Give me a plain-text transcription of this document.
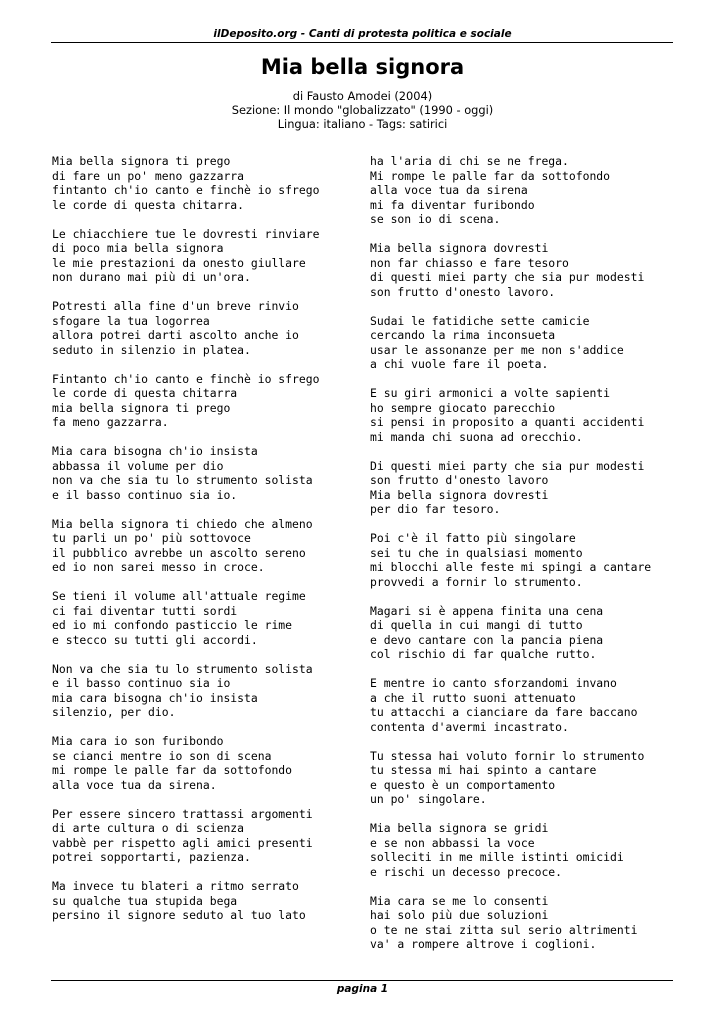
ilDeposito.org - Canti di protesta politica e sociale
Mia bella signora
di Fausto Amodei (2004)
Sezione: Il mondo "globalizzato" (1990 - oggi)
Lingua: italiano - Tags: satirici
Mia bella signora ti prego
di fare un po' meno gazzarra
fintanto ch'io canto e finchè io sfrego
le corde di questa chitarra.
Le chiacchiere tue le dovresti rinviare
di poco mia bella signora
le mie prestazioni da onesto giullare
non durano mai più di un'ora.
Potresti alla fine d'un breve rinvio
sfogare la tua logorrea
allora potrei darti ascolto anche io
seduto in silenzio in platea.
Fintanto ch'io canto e finchè io sfrego
le corde di questa chitarra
mia bella signora ti prego
fa meno gazzarra.
Mia cara bisogna ch'io insista
abbassa il volume per dio
non va che sia tu lo strumento solista
e il basso continuo sia io.
Mia bella signora ti chiedo che almeno
tu parli un po' più sottovoce
il pubblico avrebbe un ascolto sereno
ed io non sarei messo in croce.
Se tieni il volume all'attuale regime
ci fai diventar tutti sordi
ed io mi confondo pasticcio le rime
e stecco su tutti gli accordi.
Non va che sia tu lo strumento solista
e il basso continuo sia io
mia cara bisogna ch'io insista
silenzio, per dio.
Mia cara io son furibondo
se cianci mentre io son di scena
mi rompe le palle far da sottofondo
alla voce tua da sirena.
Per essere sincero trattassi argomenti
di arte cultura o di scienza
vabbè per rispetto agli amici presenti
potrei sopportarti, pazienza.
Ma invece tu blateri a ritmo serrato
su qualche tua stupida bega
persino il signore seduto al tuo lato
ha l'aria di chi se ne frega.
Mi rompe le palle far da sottofondo
alla voce tua da sirena
mi fa diventar furibondo
se son io di scena.
Mia bella signora dovresti
non far chiasso e fare tesoro
di questi miei party che sia pur modesti
son frutto d'onesto lavoro.
Sudai le fatidiche sette camicie
cercando la rima inconsueta
usar le assonanze per me non s'addice
a chi vuole fare il poeta.
E su giri armonici a volte sapienti
ho sempre giocato parecchio
si pensi in proposito a quanti accidenti
mi manda chi suona ad orecchio.
Di questi miei party che sia pur modesti
son frutto d'onesto lavoro
Mia bella signora dovresti
per dio far tesoro.
Poi c'è il fatto più singolare
sei tu che in qualsiasi momento
mi blocchi alle feste mi spingi a cantare
provvedi a fornir lo strumento.
Magari si è appena finita una cena
di quella in cui mangi di tutto
e devo cantare con la pancia piena
col rischio di far qualche rutto.
E mentre io canto sforzandomi invano
a che il rutto suoni attenuato
tu attacchi a cianciare da fare baccano
contenta d'avermi incastrato.
Tu stessa hai voluto fornir lo strumento
tu stessa mi hai spinto a cantare
e questo è un comportamento
un po' singolare.
Mia bella signora se gridi
e se non abbassi la voce
solleciti in me mille istinti omicidi
e rischi un decesso precoce.
Mia cara se me lo consenti
hai solo più due soluzioni
o te ne stai zitta sul serio altrimenti
va' a rompere altrove i coglioni.
pagina 1
